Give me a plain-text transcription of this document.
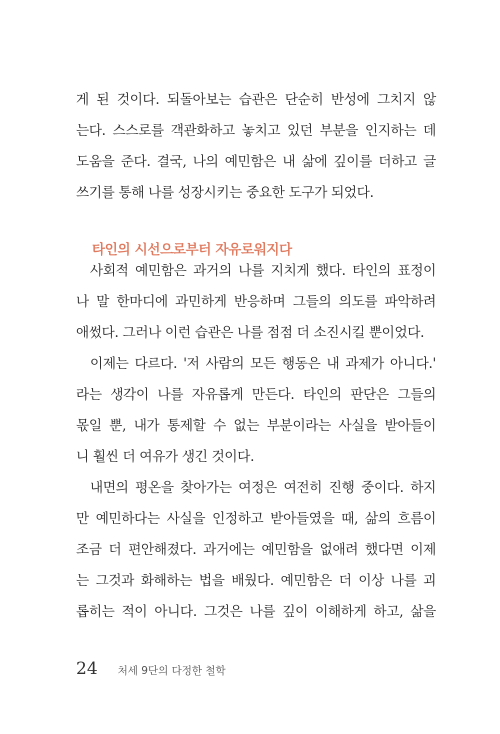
게 된 것이다. 되돌아보는 습관은 단순히 반성에 그치지 않
는다. 스스로를 객관화하고 놓치고 있던 부분을 인지하는 데
도움을 준다. 결국, 나의 예민함은 내 삶에 깊이를 더하고 글
쓰기를 통해 나를 성장시키는 중요한 도구가 되었다.
타인의 시선으로부터 자유로워지다
사회적 예민함은 과거의 나를 지치게 했다. 타인의 표정이
나 말 한마디에 과민하게 반응하며 그들의 의도를 파악하려
애썼다. 그러나 이런 습관은 나를 점점 더 소진시킬 뿐이었다.
이제는 다르다. '저 사람의 모든 행동은 내 과제가 아니다.'
라는 생각이 나를 자유롭게 만든다. 타인의 판단은 그들의
몫일 뿐, 내가 통제할 수 없는 부분이라는 사실을 받아들이
니 훨씬 더 여유가 생긴 것이다.
내면의 평온을 찾아가는 여정은 여전히 진행 중이다. 하지
만 예민하다는 사실을 인정하고 받아들였을 때, 삶의 흐름이
조금 더 편안해졌다. 과거에는 예민함을 없애려 했다면 이제
는 그것과 화해하는 법을 배웠다. 예민함은 더 이상 나를 괴
롭히는 적이 아니다. 그것은 나를 깊이 이해하게 하고, 삶을
24 처세 9단의 다정한 철학
